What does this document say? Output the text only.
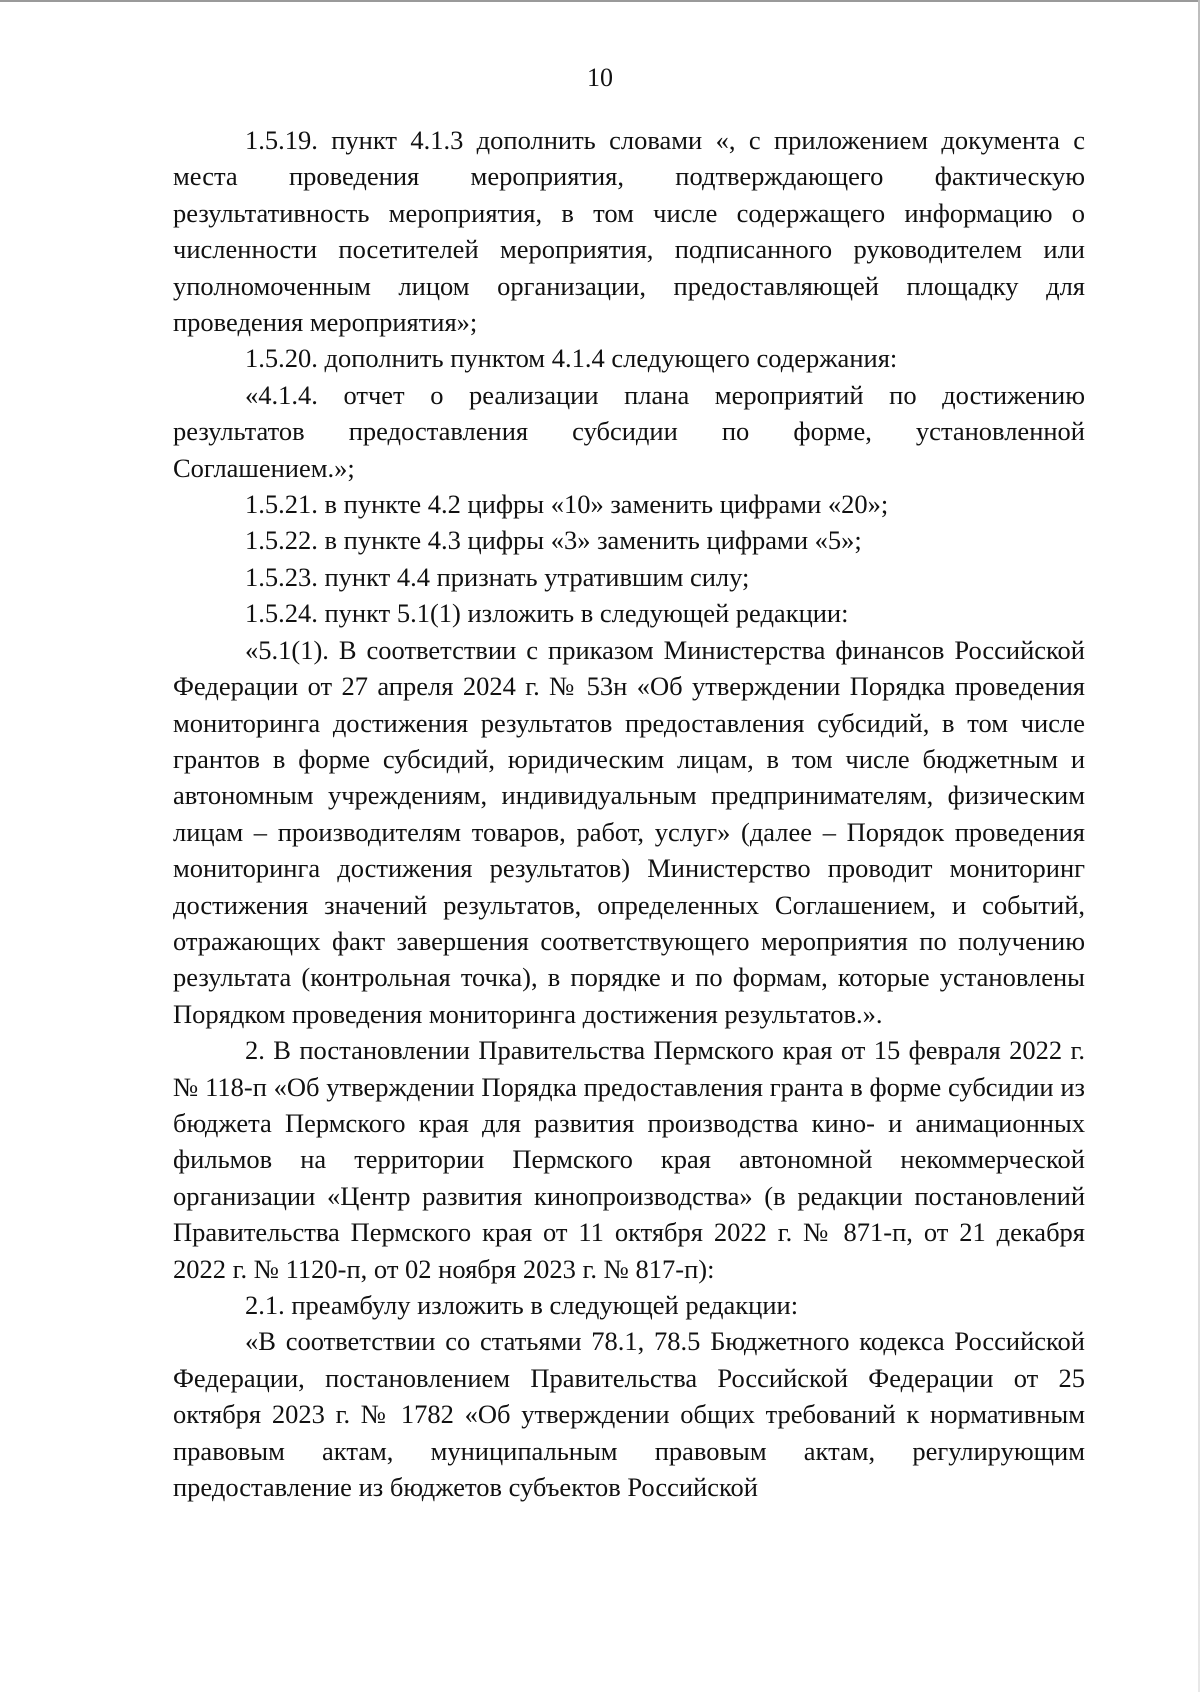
10

1.5.19. пункт 4.1.3 дополнить словами «, с приложением документа с места проведения мероприятия, подтверждающего фактическую результативность мероприятия, в том числе содержащего информацию о численности посетителей мероприятия, подписанного руководителем или уполномоченным лицом организации, предоставляющей площадку для проведения мероприятия»;

1.5.20. дополнить пунктом 4.1.4 следующего содержания:

«4.1.4. отчет о реализации плана мероприятий по достижению результатов предоставления субсидии по форме, установленной Соглашением.»;

1.5.21. в пункте 4.2 цифры «10» заменить цифрами «20»;

1.5.22. в пункте 4.3 цифры «3» заменить цифрами «5»;

1.5.23. пункт 4.4 признать утратившим силу;

1.5.24. пункт 5.1(1) изложить в следующей редакции:

«5.1(1). В соответствии с приказом Министерства финансов Российской Федерации от 27 апреля 2024 г. № 53н «Об утверждении Порядка проведения мониторинга достижения результатов предоставления субсидий, в том числе грантов в форме субсидий, юридическим лицам, в том числе бюджетным и автономным учреждениям, индивидуальным предпринимателям, физическим лицам – производителям товаров, работ, услуг» (далее – Порядок проведения мониторинга достижения результатов) Министерство проводит мониторинг достижения значений результатов, определенных Соглашением, и событий, отражающих факт завершения соответствующего мероприятия по получению результата (контрольная точка), в порядке и по формам, которые установлены Порядком проведения мониторинга достижения результатов.».

2. В постановлении Правительства Пермского края от 15 февраля 2022 г. № 118-п «Об утверждении Порядка предоставления гранта в форме субсидии из бюджета Пермского края для развития производства кино- и анимационных фильмов на территории Пермского края автономной некоммерческой организации «Центр развития кинопроизводства» (в редакции постановлений Правительства Пермского края от 11 октября 2022 г. № 871-п, от 21 декабря 2022 г. № 1120-п, от 02 ноября 2023 г. № 817-п):

2.1. преамбулу изложить в следующей редакции:

«В соответствии со статьями 78.1, 78.5 Бюджетного кодекса Российской Федерации, постановлением Правительства Российской Федерации от 25 октября 2023 г. № 1782 «Об утверждении общих требований к нормативным правовым актам, муниципальным правовым актам, регулирующим предоставление из бюджетов субъектов Российской
